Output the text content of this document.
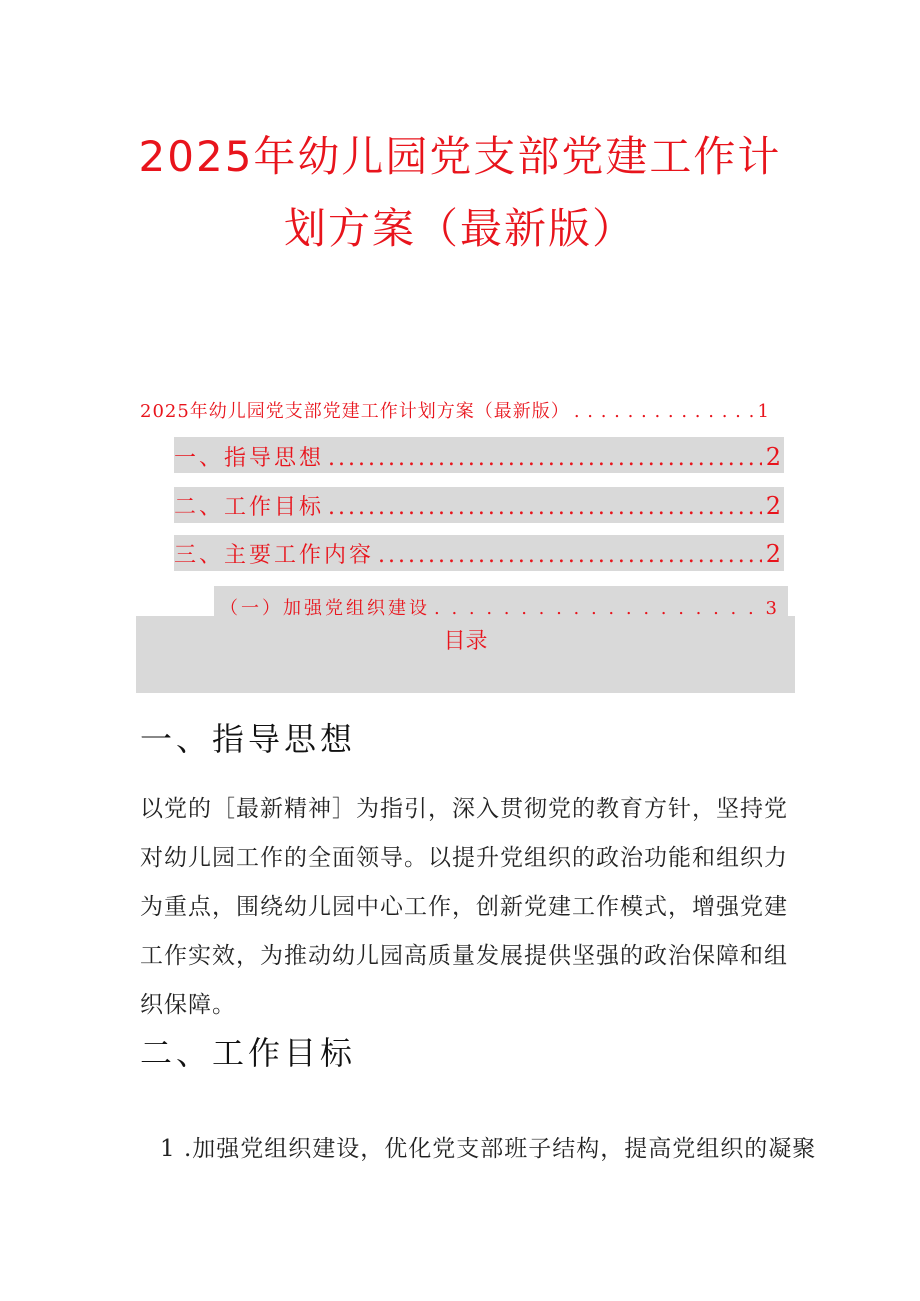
2025年幼儿园党支部党建工作计
划方案（最新版）
2025年幼儿园党支部党建工作计划方案（最新版） . . .	1
一、指导思想 .....	2
二、工作目标 .....	2
三、主要工作内容 .....	2
（一）加强党组织建设 . . .	3
目录
一、指导思想

以党的［最新精神］为指引，深入贯彻党的教育方针，坚持党对幼儿园工作的全面领导。以提升党组织的政治功能和组织力为重点，围绕幼儿园中心工作，创新党建工作模式，增强党建工作实效，为推动幼儿园高质量发展提供坚强的政治保障和组织保障。

二、工作目标

1 .加强党组织建设，优化党支部班子结构，提高党组织的凝聚
